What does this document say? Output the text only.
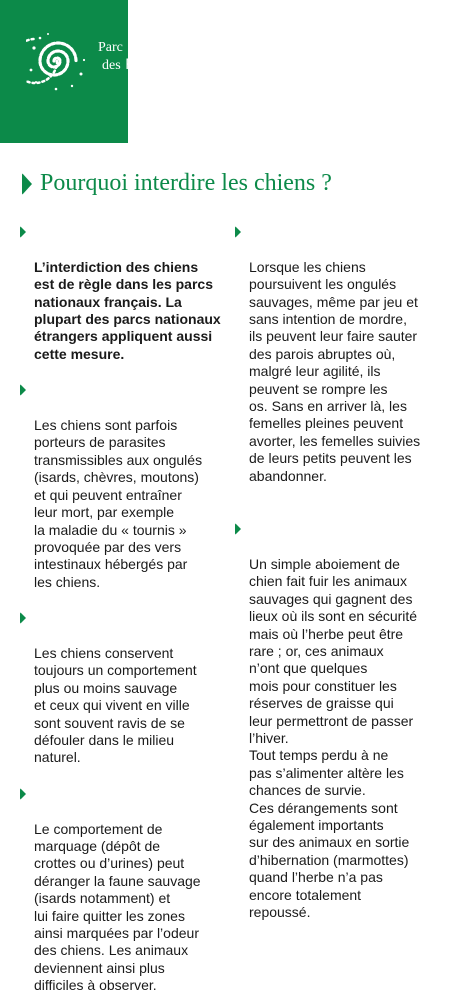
Parc national
des Pyrénées
Pourquoi interdire les chiens ?

L’interdiction des chiens
est de règle dans les parcs
nationaux français. La
plupart des parcs nationaux
étrangers appliquent aussi
cette mesure.

Les chiens sont parfois
porteurs de parasites
transmissibles aux ongulés
(isards, chèvres, moutons)
et qui peuvent entraîner
leur mort, par exemple
la maladie du « tournis »
provoquée par des vers
intestinaux hébergés par
les chiens.

Les chiens conservent
toujours un comportement
plus ou moins sauvage
et ceux qui vivent en ville
sont souvent ravis de se
défouler dans le milieu
naturel.

Le comportement de
marquage (dépôt de
crottes ou d’urines) peut
déranger la faune sauvage
(isards notamment) et
lui faire quitter les zones
ainsi marquées par l’odeur
des chiens. Les animaux
deviennent ainsi plus
difficiles à observer.

Lorsque les chiens
poursuivent les ongulés
sauvages, même par jeu et
sans intention de mordre,
ils peuvent leur faire sauter
des parois abruptes où,
malgré leur agilité, ils
peuvent se rompre les
os. Sans en arriver là, les
femelles pleines peuvent
avorter, les femelles suivies
de leurs petits peuvent les
abandonner.

Un simple aboiement de
chien fait fuir les animaux
sauvages qui gagnent des
lieux où ils sont en sécurité
mais où l’herbe peut être
rare ; or, ces animaux
n’ont que quelques
mois pour constituer les
réserves de graisse qui
leur permettront de passer
l’hiver.
Tout temps perdu à ne
pas s’alimenter altère les
chances de survie.
Ces dérangements sont
également importants
sur des animaux en sortie
d’hibernation (marmottes)
quand l’herbe n’a pas
encore totalement
repoussé.
